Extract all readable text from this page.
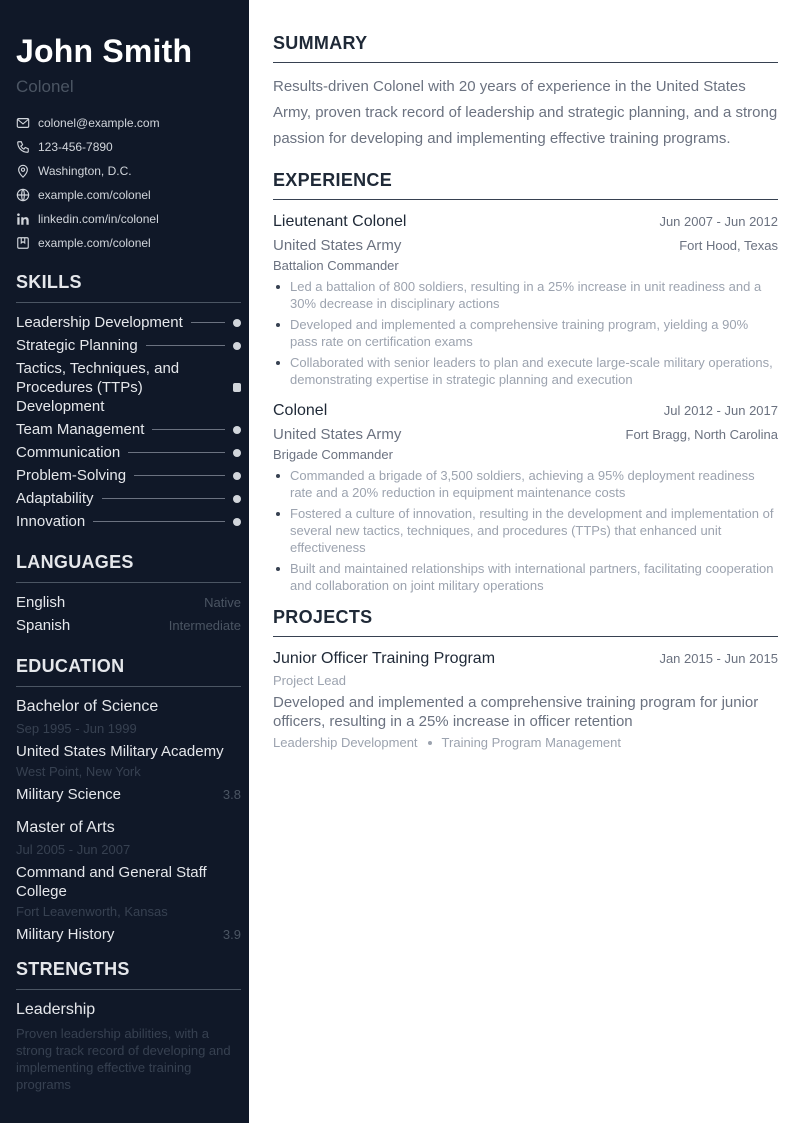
John Smith
Colonel
colonel@example.com
123-456-7890
Washington, D.C.
example.com/colonel
linkedin.com/in/colonel
example.com/colonel
SKILLS
Leadership Development
Strategic Planning
Tactics, Techniques, and Procedures (TTPs) Development
Team Management
Communication
Problem-Solving
Adaptability
Innovation
LANGUAGES
English	Native
Spanish	Intermediate
EDUCATION
Bachelor of Science
Sep 1995 - Jun 1999
United States Military Academy
West Point, New York
Military Science	3.8
Master of Arts
Jul 2005 - Jun 2007
Command and General Staff College
Fort Leavenworth, Kansas
Military History	3.9
STRENGTHS
Leadership
Proven leadership abilities, with a strong track record of developing and implementing effective training programs
SUMMARY

Results-driven Colonel with 20 years of experience in the United States Army, proven track record of leadership and strategic planning, and a strong passion for developing and implementing effective training programs.

EXPERIENCE
Lieutenant Colonel	Jun 2007 - Jun 2012
United States Army	Fort Hood, Texas
Battalion Commander
Led a battalion of 800 soldiers, resulting in a 25% increase in unit readiness and a 30% decrease in disciplinary actions
Developed and implemented a comprehensive training program, yielding a 90% pass rate on certification exams
Collaborated with senior leaders to plan and execute large-scale military operations, demonstrating expertise in strategic planning and execution
Colonel	Jul 2012 - Jun 2017
United States Army	Fort Bragg, North Carolina
Brigade Commander
Commanded a brigade of 3,500 soldiers, achieving a 95% deployment readiness rate and a 20% reduction in equipment maintenance costs
Fostered a culture of innovation, resulting in the development and implementation of several new tactics, techniques, and procedures (TTPs) that enhanced unit effectiveness
Built and maintained relationships with international partners, facilitating cooperation and collaboration on joint military operations
PROJECTS
Junior Officer Training Program	Jan 2015 - Jun 2015
Project Lead
Developed and implemented a comprehensive training program for junior officers, resulting in a 25% increase in officer retention
Leadership Development Training Program Management
